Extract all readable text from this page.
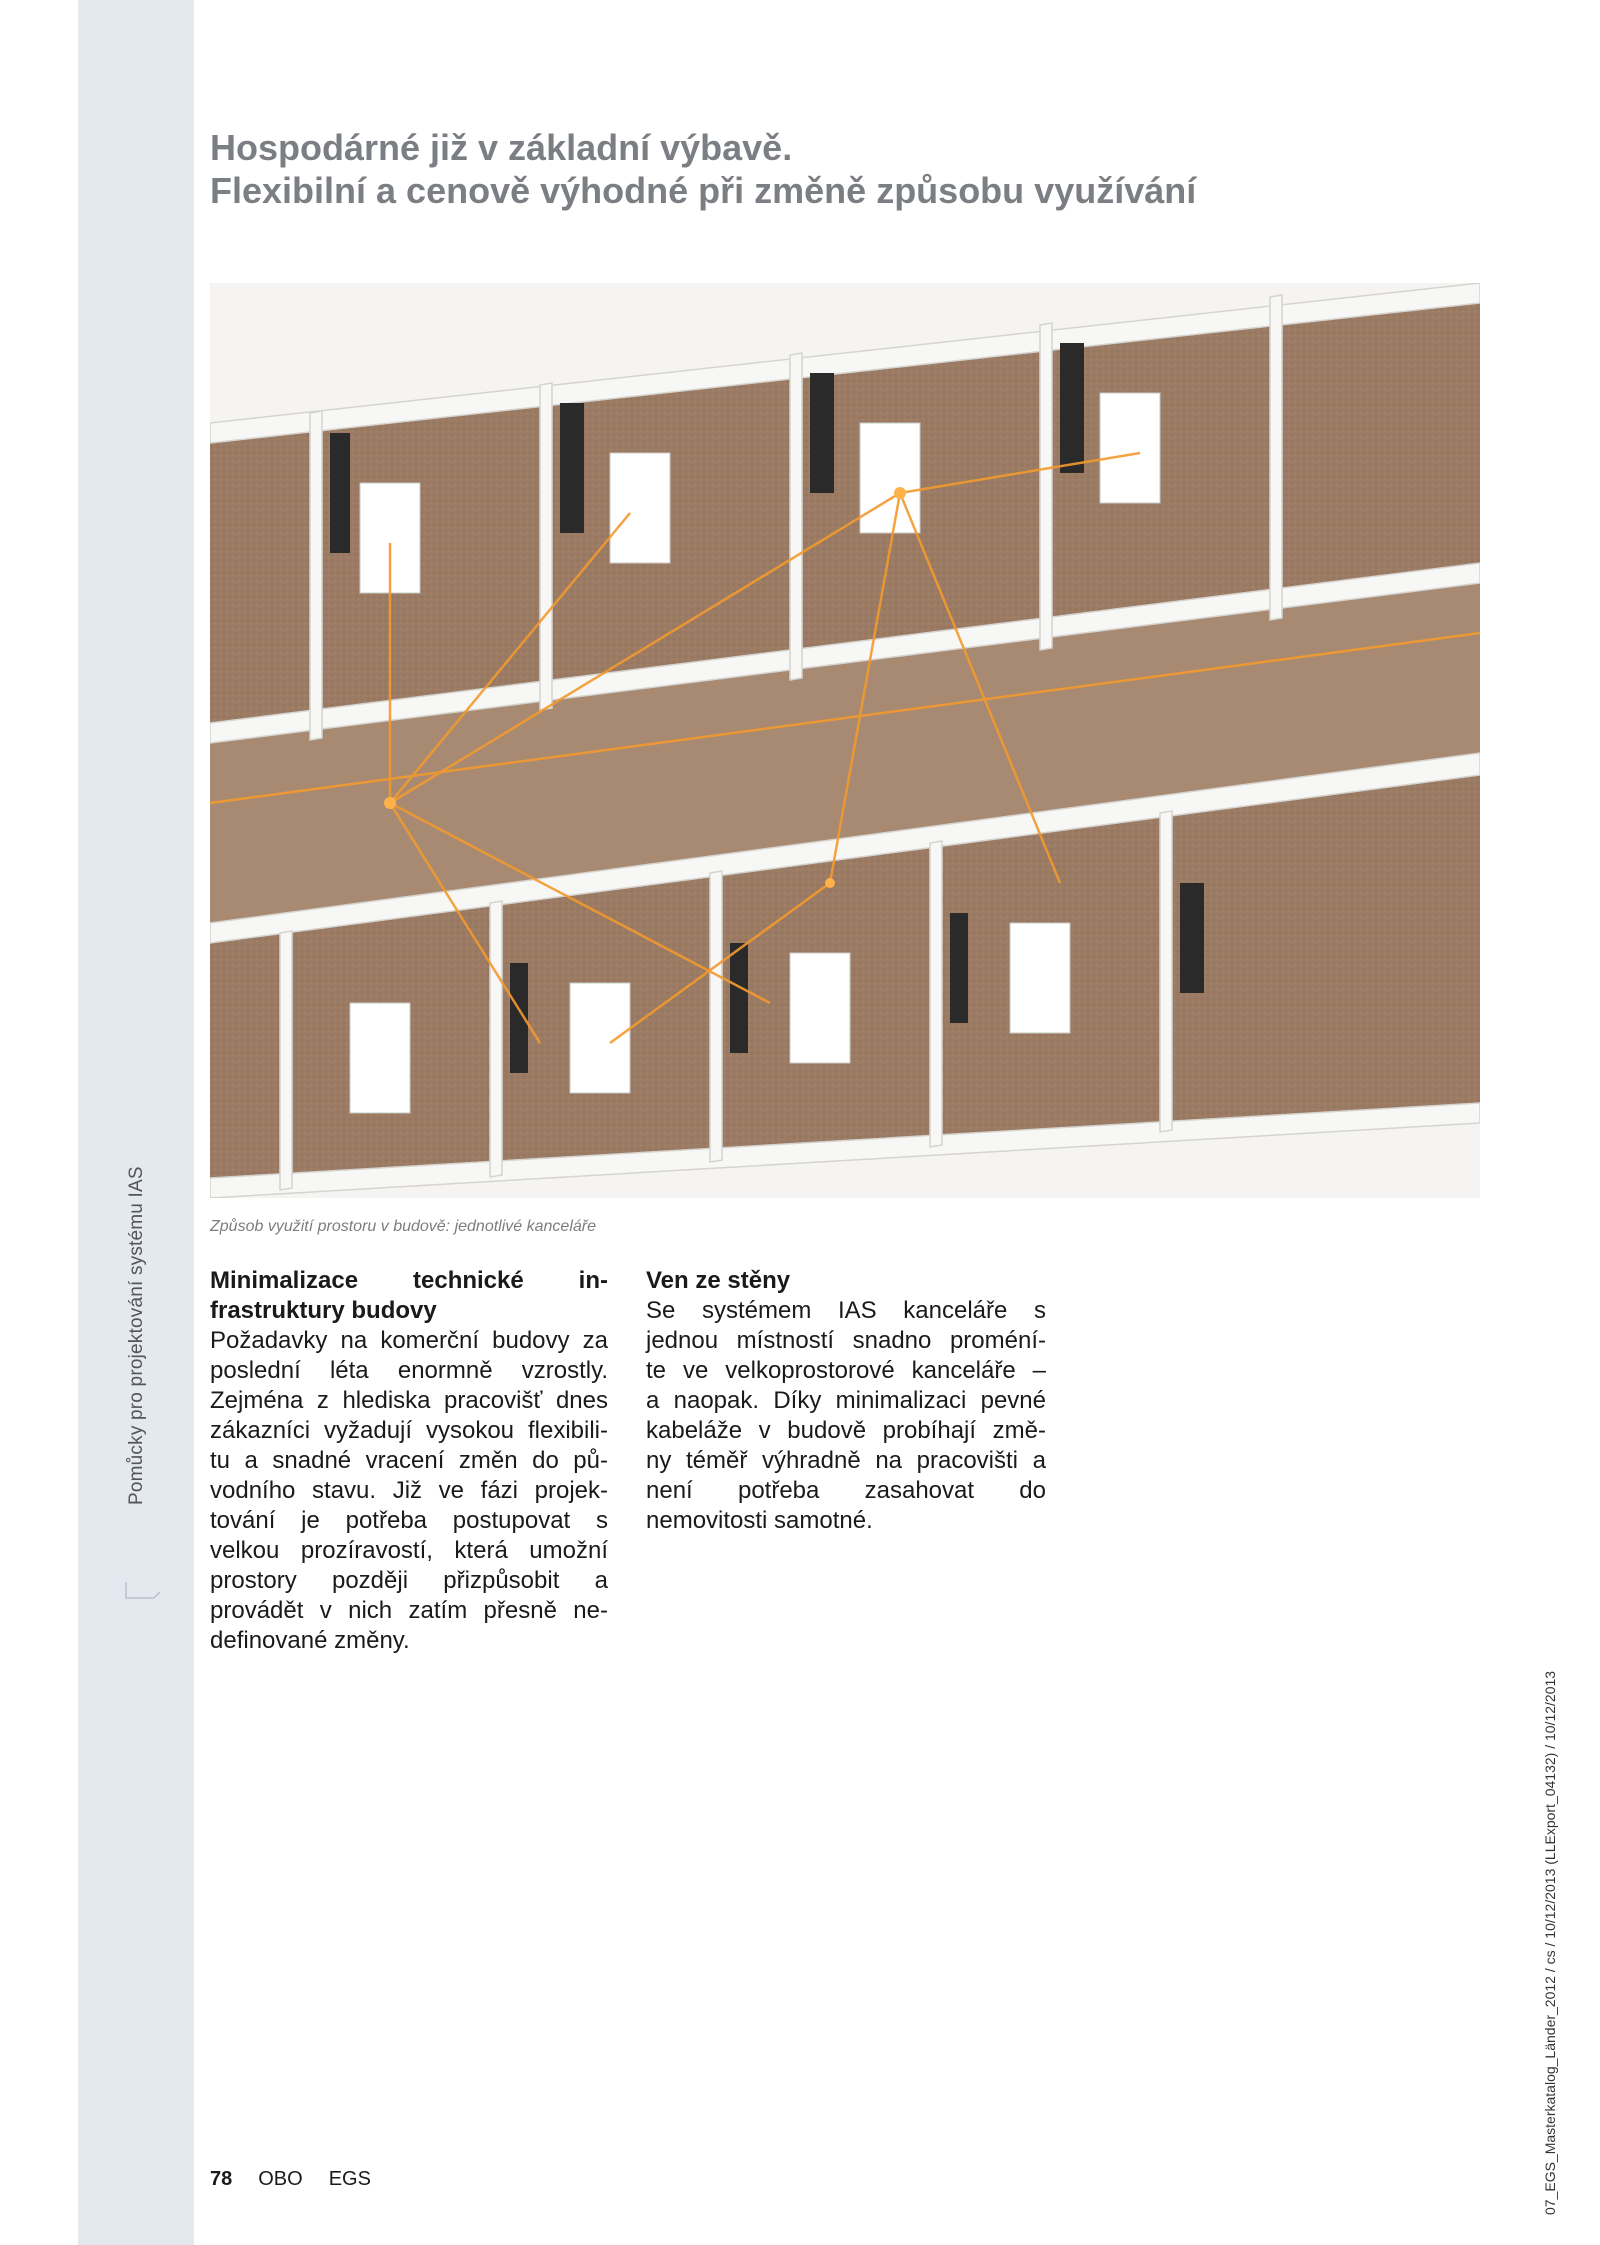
Pomůcky pro projektování systému IAS
Hospodárné již v základní výbavě.
Flexibilní a cenově výhodné při změně způsobu využívání
Způsob využití prostoru v budově: jednotlivé kanceláře
Minimalizace technické in-
frastruktury budovy

Požadavky na komerční budovy za
poslední léta enormně vzrostly.
Zejména z hlediska pracovišť dnes
zákazníci vyžadují vysokou flexibili-
tu a snadné vracení změn do pů-
vodního stavu. Již ve fázi projek-
tování je potřeba postupovat s
velkou prozíravostí, která umožní
prostory později přizpůsobit a
provádět v nich zatím přesně ne-
definované změny.

Ven ze stěny

Se systémem IAS kanceláře s
jednou místností snadno proméní-
te ve velkoprostorové kanceláře –
a naopak. Díky minimalizaci pevné
kabeláže v budově probíhají změ-
ny téměř výhradně na pracovišti a
není potřeba zasahovat do
nemovitosti samotné.

07_EGS_Masterkatalog_Länder_2012 / cs / 10/12/2013 (LLExport_04132) / 10/12/2013
78 OBO EGS
